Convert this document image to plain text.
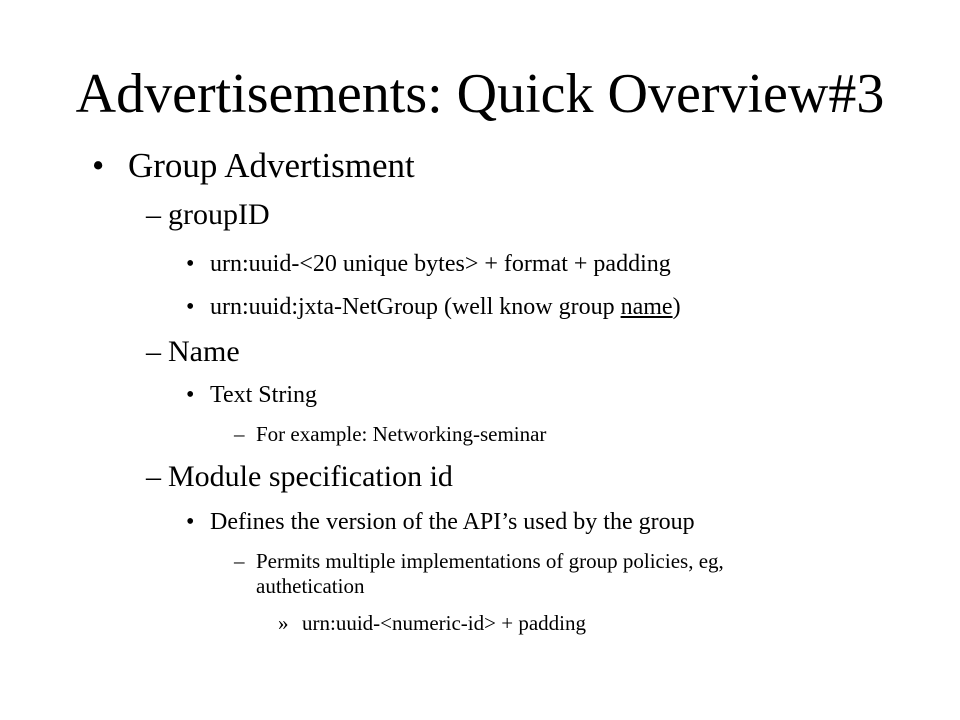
Advertisements: Quick Overview#3
• Group Advertisment
– groupID
• urn:uuid-<20 unique bytes> + format + padding
• urn:uuid:jxta-NetGroup (well know group name)
– Name
• Text String
– For example: Networking-seminar
– Module specification id
• Defines the version of the API’s used by the group
– Permits multiple implementations of group policies, eg,
authetication
» urn:uuid-<numeric-id> + padding
